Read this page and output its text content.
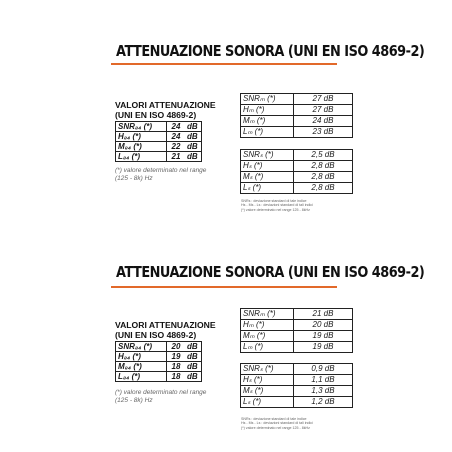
ATTENUAZIONE SONORA (UNI EN ISO 4869-2)
VALORI ATTENUAZIONE
(UNI EN ISO 4869-2)
SNR₈₄ (*)	24	dB
H₈₄ (*)	24	dB
M₈₄ (*)	22	dB
L₈₄ (*)	21	dB
(*) valore determinato nel range
(125 - 8k) Hz
SNRₘ (*)	27 dB
Hₘ (*)	27 dB
Mₘ (*)	24 dB
Lₘ (*)	23 dB
SNRₛ (*)	2,5 dB
Hₛ (*)	2,8 dB
Mₛ (*)	2,8 dB
Lₛ (*)	2,8 dB
SNRs : deviazione standard di tale indice
Hs - Ms - Ls : deviazioni standard di tali indici
(*) valore determinato nel range 125 - 8kHz
ATTENUAZIONE SONORA (UNI EN ISO 4869-2)
VALORI ATTENUAZIONE
(UNI EN ISO 4869-2)
SNR₈₄ (*)	20	dB
H₈₄ (*)	19	dB
M₈₄ (*)	18	dB
L₈₄ (*)	18	dB
(*) valore determinato nel range
(125 - 8k) Hz
SNRₘ (*)	21 dB
Hₘ (*)	20 dB
Mₘ (*)	19 dB
Lₘ (*)	19 dB
SNRₛ (*)	0,9 dB
Hₛ (*)	1,1 dB
Mₛ (*)	1,3 dB
Lₛ (*)	1,2 dB
SNRs : deviazione standard di tale indice
Hs - Ms - Ls : deviazioni standard di tali indici
(*) valore determinato nel range 125 - 8kHz
